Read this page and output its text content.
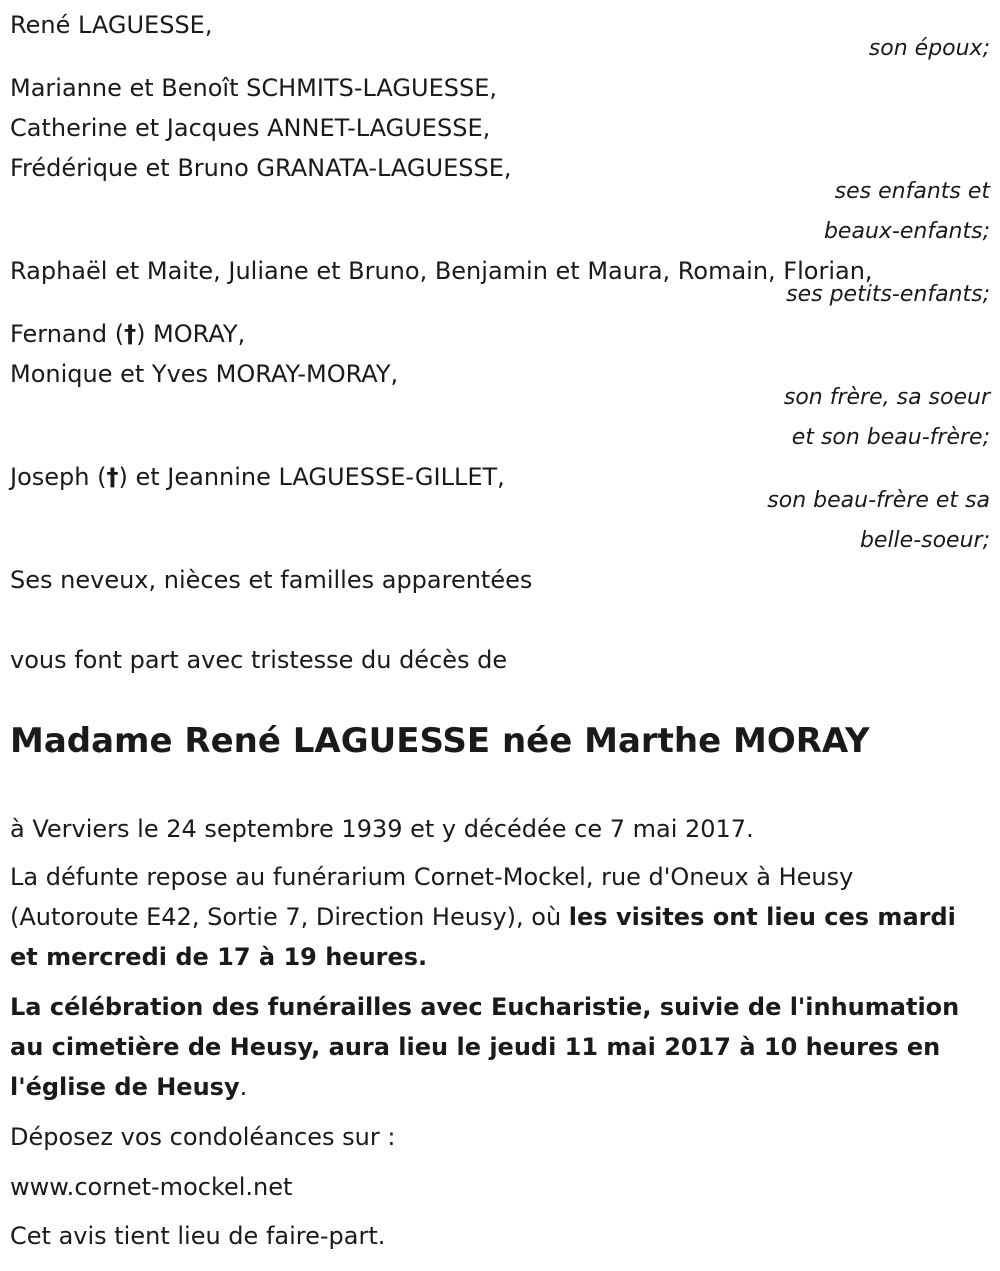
René LAGUESSE,

son époux;

Marianne et Benoît SCHMITS-LAGUESSE,

Catherine et Jacques ANNET-LAGUESSE,

Frédérique et Bruno GRANATA-LAGUESSE,

ses enfants et

beaux-enfants;

Raphaël et Maite, Juliane et Bruno, Benjamin et Maura, Romain, Florian,

ses petits-enfants;

Fernand (†) MORAY,

Monique et Yves MORAY-MORAY,

son frère, sa soeur

et son beau-frère;

Joseph (†) et Jeannine LAGUESSE-GILLET,

son beau-frère et sa

belle-soeur;

Ses neveux, nièces et familles apparentées

vous font part avec tristesse du décès de

Madame René LAGUESSE née Marthe MORAY

à Verviers le 24 septembre 1939 et y décédée ce 7 mai 2017.

La défunte repose au funérarium Cornet-Mockel, rue d'Oneux à Heusy (Autoroute E42, Sortie 7, Direction Heusy), où les visites ont lieu ces mardi et mercredi de 17 à 19 heures.

La célébration des funérailles avec Eucharistie, suivie de l'inhumation au cimetière de Heusy, aura lieu le jeudi 11 mai 2017 à 10 heures en l'église de Heusy.

Déposez vos condoléances sur :

www.cornet-mockel.net

Cet avis tient lieu de faire-part.
